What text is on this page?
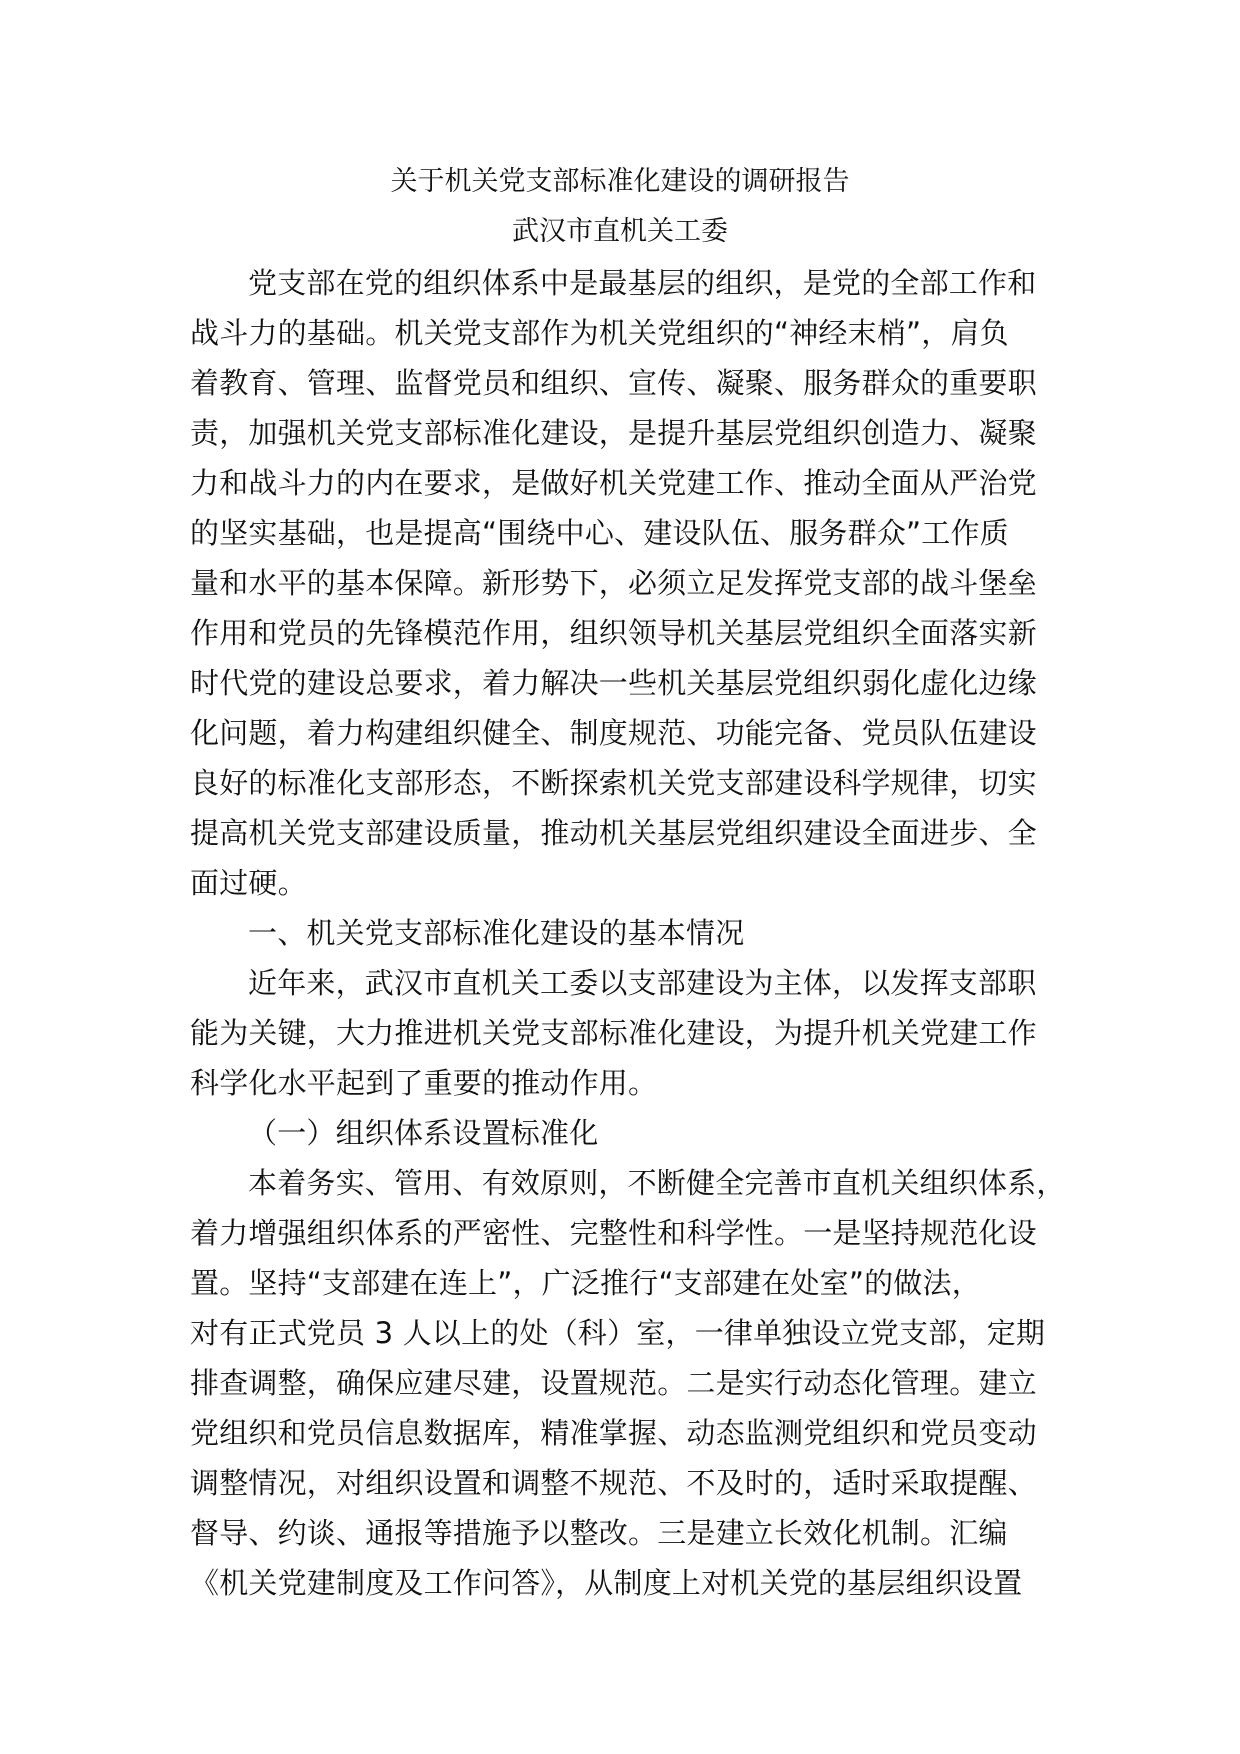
关于机关党支部标准化建设的调研报告
武汉市直机关工委
党支部在党的组织体系中是最基层的组织，是党的全部工作和
战斗力的基础。机关党支部作为机关党组织的“神经末梢”，肩负
着教育、管理、监督党员和组织、宣传、凝聚、服务群众的重要职
责，加强机关党支部标准化建设，是提升基层党组织创造力、凝聚
力和战斗力的内在要求，是做好机关党建工作、推动全面从严治党
的坚实基础，也是提高“围绕中心、建设队伍、服务群众”工作质
量和水平的基本保障。新形势下，必须立足发挥党支部的战斗堡垒
作用和党员的先锋模范作用，组织领导机关基层党组织全面落实新
时代党的建设总要求，着力解决一些机关基层党组织弱化虚化边缘
化问题，着力构建组织健全、制度规范、功能完备、党员队伍建设
良好的标准化支部形态，不断探索机关党支部建设科学规律，切实
提高机关党支部建设质量，推动机关基层党组织建设全面进步、全
面过硬。
一、机关党支部标准化建设的基本情况
近年来，武汉市直机关工委以支部建设为主体，以发挥支部职
能为关键，大力推进机关党支部标准化建设，为提升机关党建工作
科学化水平起到了重要的推动作用。
（一）组织体系设置标准化
本着务实、管用、有效原则，不断健全完善市直机关组织体系，
着力增强组织体系的严密性、完整性和科学性。一是坚持规范化设
置。坚持“支部建在连上”，广泛推行“支部建在处室”的做法，
对有正式党员 3 人以上的处（科）室，一律单独设立党支部，定期
排查调整，确保应建尽建，设置规范。二是实行动态化管理。建立
党组织和党员信息数据库，精准掌握、动态监测党组织和党员变动
调整情况，对组织设置和调整不规范、不及时的，适时采取提醒、
督导、约谈、通报等措施予以整改。三是建立长效化机制。汇编
《机关党建制度及工作问答》，从制度上对机关党的基层组织设置
